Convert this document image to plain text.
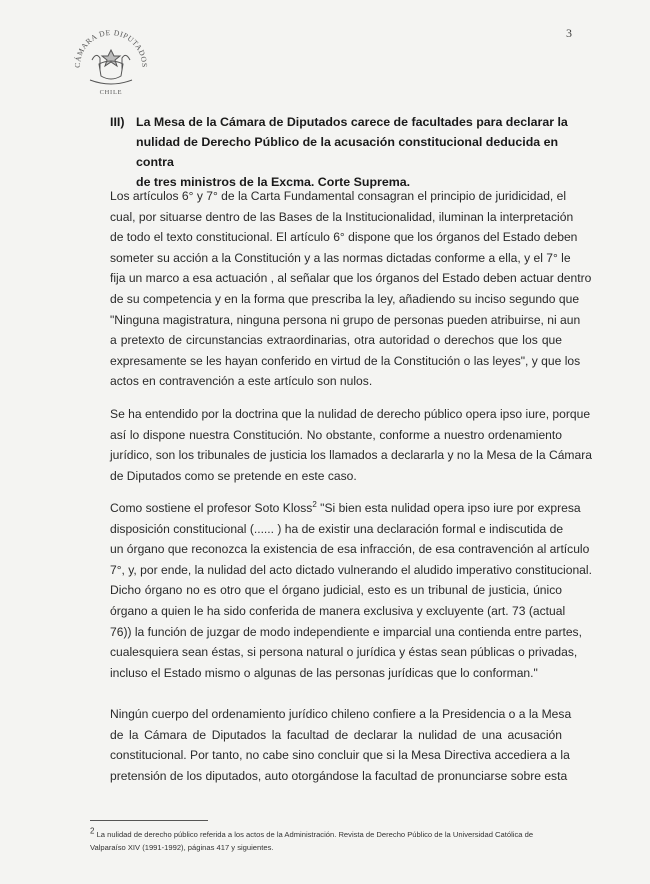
CÁMARA DE DIPUTADOS
CHILE
3
III) La Mesa de la Cámara de Diputados carece de facultades para declarar la
nulidad de Derecho Público de la acusación constitucional deducida en contra
de tres ministros de la Excma. Corte Suprema.
Los artículos 6° y 7° de la Carta Fundamental consagran el principio de juridicidad, el
cual, por situarse dentro de las Bases de la Institucionalidad, iluminan la interpretación
de todo el texto constitucional. El artículo 6° dispone que los órganos del Estado deben
someter su acción a la Constitución y a las normas dictadas conforme a ella, y el 7° le
fija un marco a esa actuación , al señalar que los órganos del Estado deben actuar dentro
de su competencia y en la forma que prescriba la ley, añadiendo su inciso segundo que
"Ninguna magistratura, ninguna persona ni grupo de personas pueden atribuirse, ni aun
a pretexto de circunstancias extraordinarias, otra autoridad o derechos que los que
expresamente se les hayan conferido en virtud de la Constitución o las leyes", y que los
actos en contravención a este artículo son nulos.
Se ha entendido por la doctrina que la nulidad de derecho público opera ipso iure, porque
así lo dispone nuestra Constitución. No obstante, conforme a nuestro ordenamiento
jurídico, son los tribunales de justicia los llamados a declararla y no la Mesa de la Cámara
de Diputados como se pretende en este caso.
Como sostiene el profesor Soto Kloss$^2$ "Si bien esta nulidad opera ipso iure por expresa
disposición constitucional (...... ) ha de existir una declaración formal e indiscutida de
un órgano que reconozca la existencia de esa infracción, de esa contravención al artículo
7°, y, por ende, la nulidad del acto dictado vulnerando el aludido imperativo constitucional.
Dicho órgano no es otro que el órgano judicial, esto es un tribunal de justicia, único
órgano a quien le ha sido conferida de manera exclusiva y excluyente (art. 73 (actual
76)) la función de juzgar de modo independiente e imparcial una contienda entre partes,
cualesquiera sean éstas, si persona natural o jurídica y éstas sean públicas o privadas,
incluso el Estado mismo o algunas de las personas jurídicas que lo conforman."
Ningún cuerpo del ordenamiento jurídico chileno confiere a la Presidencia o a la Mesa
de la Cámara de Diputados la facultad de declarar la nulidad de una acusación
constitucional. Por tanto, no cabe sino concluir que si la Mesa Directiva accediera a la
pretensión de los diputados, auto otorgándose la facultad de pronunciarse sobre esta
$^2$ La nulidad de derecho público referida a los actos de la Administración. Revista de Derecho Público de la Universidad Católica de
Valparaíso XIV (1991-1992), páginas 417 y siguientes.
